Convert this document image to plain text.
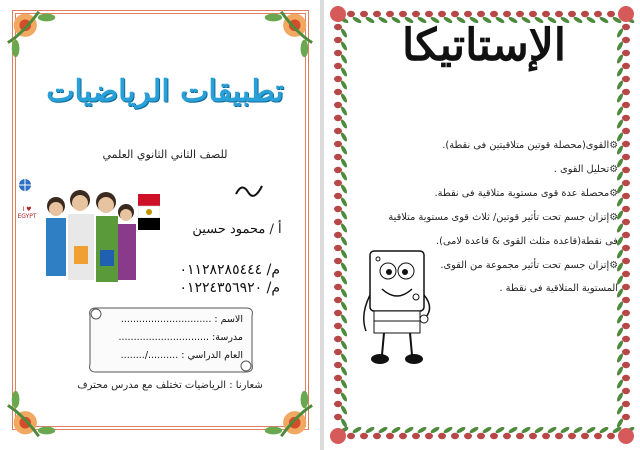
تطبيقات الرياضيات
للصف الثاني الثانوي العلمي
I ♥ EGYPT
أ / محمود حسين
م/ ٠١١٢٨٢٨٥٤٤٤
م/ ٠١٢٢٤٣٥٦٩٢٠
الاسم : ..............................
مدرسة: ..............................
العام الدراسي : ........../........
شعارنا : الرياضيات تختلف مع مدرس محترف
الإستاتيكا
⚙القوى(محصلة قوتين متلاقيتين فى نقطة).
⚙تحليل القوى .
⚙محصلة عدة قوى مستوية متلاقية فى نقطة.
⚙إتزان جسم تحت تأثير قوتين/ ثلاث قوى مستوية متلاقية
فى نقطة(قاعدة مثلث القوى & قاعدة لامى).
⚙إتزان جسم تحت تأثير مجموعة من القوى.
المستوية المتلاقية فى نقطة .
